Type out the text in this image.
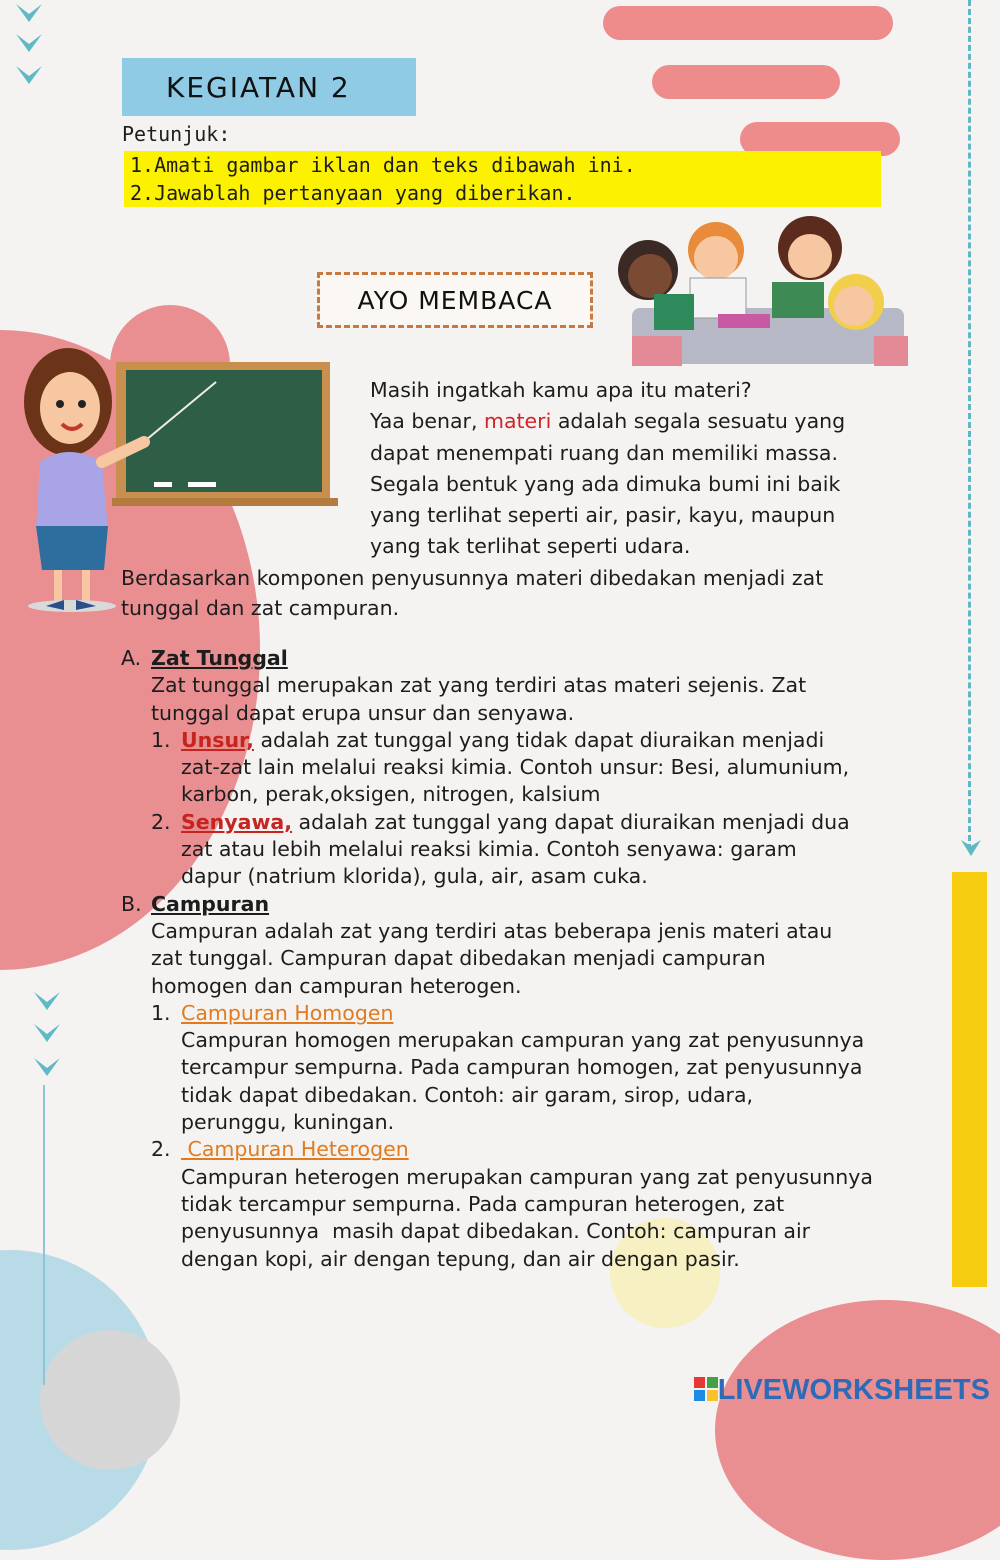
KEGIATAN 2
Petunjuk:
1.Amati gambar iklan dan teks dibawah ini.
2.Jawablah pertanyaan yang diberikan.
AYO MEMBACA
Masih ingatkah kamu apa itu materi?
Yaa benar, materi adalah segala sesuatu yang
dapat menempati ruang dan memiliki massa.
Segala bentuk yang ada dimuka bumi ini baik
yang terlihat seperti air, pasir, kayu, maupun
yang tak terlihat seperti udara.
Berdasarkan komponen penyusunnya materi dibedakan menjadi zat
tunggal dan zat campuran.
A. Zat Tunggal
Zat tunggal merupakan zat yang terdiri atas materi sejenis. Zat
tunggal dapat erupa unsur dan senyawa.
1. Unsur, adalah zat tunggal yang tidak dapat diuraikan menjadi
zat-zat lain melalui reaksi kimia. Contoh unsur: Besi, alumunium,
karbon, perak,oksigen, nitrogen, kalsium
2. Senyawa, adalah zat tunggal yang dapat diuraikan menjadi dua
zat atau lebih melalui reaksi kimia. Contoh senyawa: garam
dapur (natrium klorida), gula, air, asam cuka.
B. Campuran
Campuran adalah zat yang terdiri atas beberapa jenis materi atau
zat tunggal. Campuran dapat dibedakan menjadi campuran
homogen dan campuran heterogen.
1. Campuran Homogen
Campuran homogen merupakan campuran yang zat penyusunnya
tercampur sempurna. Pada campuran homogen, zat penyusunnya
tidak dapat dibedakan. Contoh: air garam, sirop, udara,
perunggu, kuningan.
2. Campuran Heterogen
Campuran heterogen merupakan campuran yang zat penyusunnya
tidak tercampur sempurna. Pada campuran heterogen, zat
penyusunnya  masih dapat dibedakan. Contoh: campuran air
dengan kopi, air dengan tepung, dan air dengan pasir.
LIVEWORKSHEETS
